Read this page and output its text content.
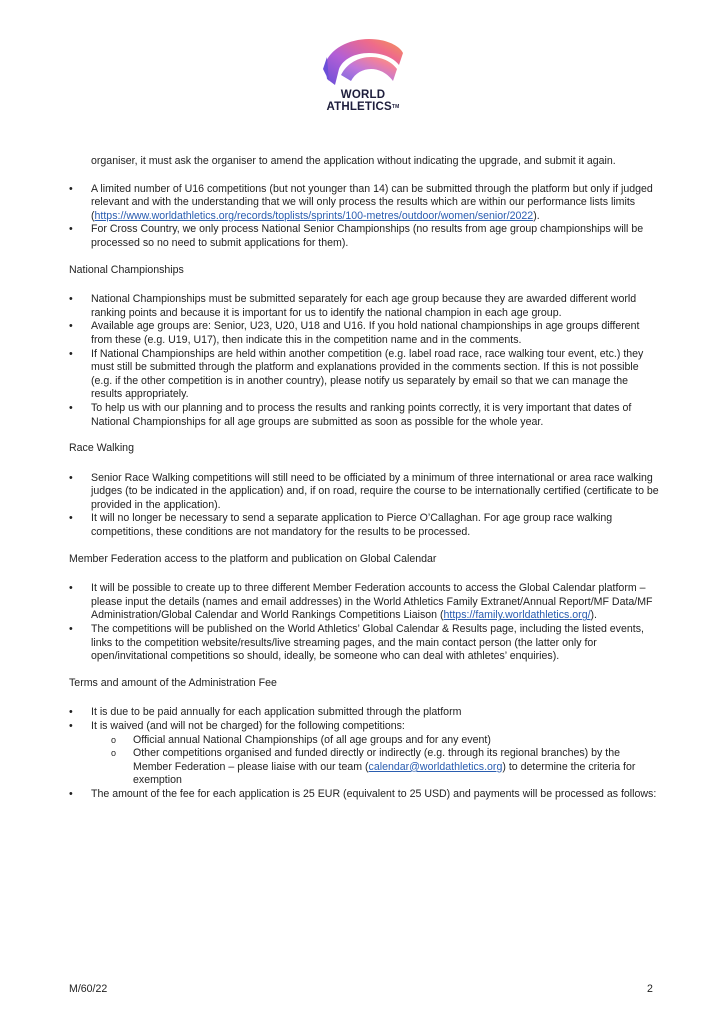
WORLD
ATHLETICS™

organiser, it must ask the organiser to amend the application without indicating the upgrade, and submit it again.

• A limited number of U16 competitions (but not younger than 14) can be submitted through the platform but only if judged relevant and with the understanding that we will only process the results which are within our performance lists limits (https://www.worldathletics.org/records/toplists/sprints/100-metres/outdoor/women/senior/2022).
• For Cross Country, we only process National Senior Championships (no results from age group championships will be processed so no need to submit applications for them).
National Championships
• National Championships must be submitted separately for each age group because they are awarded different world ranking points and because it is important for us to identify the national champion in each age group.
• Available age groups are: Senior, U23, U20, U18 and U16. If you hold national championships in age groups different from these (e.g. U19, U17), then indicate this in the competition name and in the comments.
• If National Championships are held within another competition (e.g. label road race, race walking tour event, etc.) they must still be submitted through the platform and explanations provided in the comments section. If this is not possible (e.g. if the other competition is in another country), please notify us separately by email so that we can manage the results appropriately.
• To help us with our planning and to process the results and ranking points correctly, it is very important that dates of National Championships for all age groups are submitted as soon as possible for the whole year.
Race Walking
• Senior Race Walking competitions will still need to be officiated by a minimum of three international or area race walking judges (to be indicated in the application) and, if on road, require the course to be internationally certified (certificate to be provided in the application).
• It will no longer be necessary to send a separate application to Pierce O’Callaghan. For age group race walking competitions, these conditions are not mandatory for the results to be processed.
Member Federation access to the platform and publication on Global Calendar
• It will be possible to create up to three different Member Federation accounts to access the Global Calendar platform – please input the details (names and email addresses) in the World Athletics Family Extranet/Annual Report/MF Data/MF Administration/Global Calendar and World Rankings Competitions Liaison (https://family.worldathletics.org/).
• The competitions will be published on the World Athletics’ Global Calendar & Results page, including the listed events, links to the competition website/results/live streaming pages, and the main contact person (the latter only for open/invitational competitions so should, ideally, be someone who can deal with athletes’ enquiries).
Terms and amount of the Administration Fee
• It is due to be paid annually for each application submitted through the platform
• It is waived (and will not be charged) for the following competitions:
o Official annual National Championships (of all age groups and for any event)
o Other competitions organised and funded directly or indirectly (e.g. through its regional branches) by the Member Federation – please liaise with our team (calendar@worldathletics.org) to determine the criteria for exemption
• The amount of the fee for each application is 25 EUR (equivalent to 25 USD) and payments will be processed as follows:
M/60/22	2
